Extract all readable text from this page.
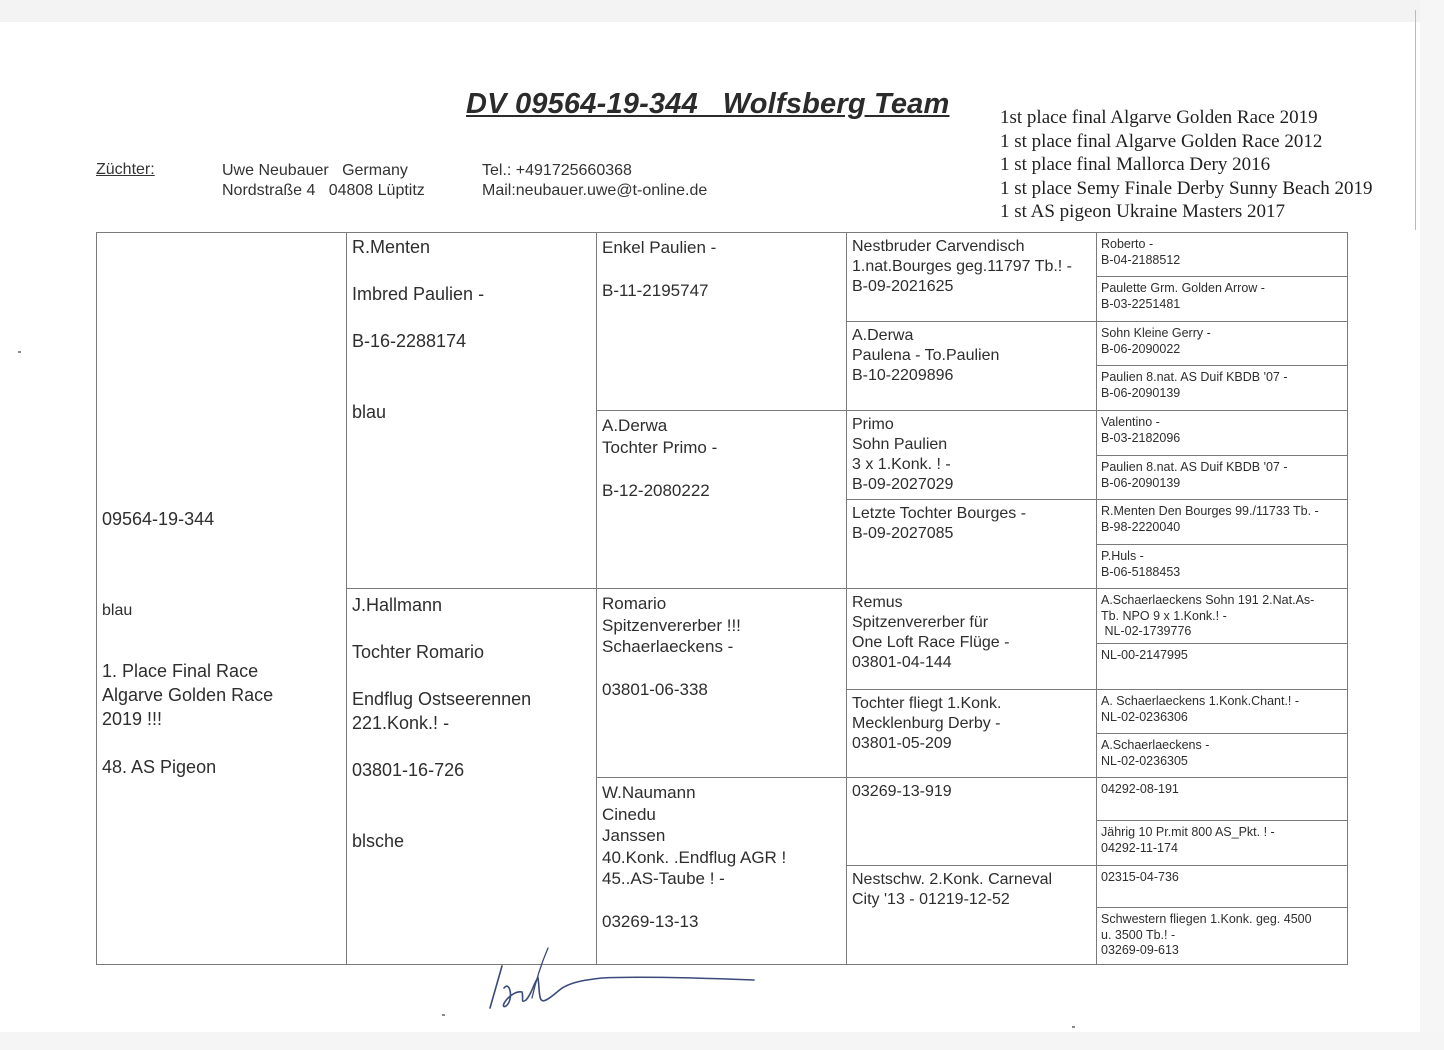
DV 09564-19-344   Wolfsberg Team	1st place final Algarve Golden Race 2019
1 st place final Algarve Golden Race 2012
1 st place final Mallorca Dery 2016
1 st place Semy Finale Derby Sunny Beach 2019
1 st AS pigeon Ukraine Masters 2017
Züchter:	Uwe Neubauer   Germany
Nordstraße 4   04808 Lüptitz
Tel.: +491725660368
Mail:neubauer.uwe@t-online.de
09564-19-344
blau
1. Place Final Race
Algarve Golden Race
2019 !!!
48. AS Pigeon
R.Menten
Imbred Paulien -
B-16-2288174
blau
J.Hallmann
Tochter Romario
Endflug Ostseerennen
221.Konk.! -
03801-16-726
blsche
Enkel Paulien -
B-11-2195747
A.Derwa
Tochter Primo -
B-12-2080222
Romario
Spitzenvererber !!!
Schaerlaeckens -
03801-06-338
W.Naumann
Cinedu
Janssen
40.Konk. .Endflug AGR !
45..AS-Taube ! -
03269-13-13
Nestbruder Carvendisch
1.nat.Bourges geg.11797 Tb.! -
B-09-2021625
A.Derwa
Paulena - To.Paulien
B-10-2209896
Primo
Sohn Paulien
3 x 1.Konk. ! -
B-09-2027029
Letzte Tochter Bourges -
B-09-2027085
Remus
Spitzenvererber für
One Loft Race Flüge -
03801-04-144
Tochter fliegt 1.Konk.
Mecklenburg Derby -
03801-05-209
03269-13-919
Nestschw. 2.Konk. Carneval
City '13 - 01219-12-52
Roberto -
B-04-2188512
Paulette Grm. Golden Arrow -
B-03-2251481
Sohn Kleine Gerry -
B-06-2090022
Paulien 8.nat. AS Duif KBDB '07 -
B-06-2090139
Valentino -
B-03-2182096
Paulien 8.nat. AS Duif KBDB '07 -
B-06-2090139
R.Menten Den Bourges 99./11733 Tb. -
B-98-2220040
P.Huls -
B-06-5188453
A.Schaerlaeckens Sohn 191 2.Nat.As-
Tb. NPO 9 x 1.Konk.! -
NL-02-1739776
NL-00-2147995
A. Schaerlaeckens 1.Konk.Chant.! -
NL-02-0236306
A.Schaerlaeckens -
NL-02-0236305
04292-08-191
Jährig 10 Pr.mit 800 AS_Pkt. ! -
04292-11-174
02315-04-736
Schwestern fliegen 1.Konk. geg. 4500
u. 3500 Tb.! -
03269-09-613
